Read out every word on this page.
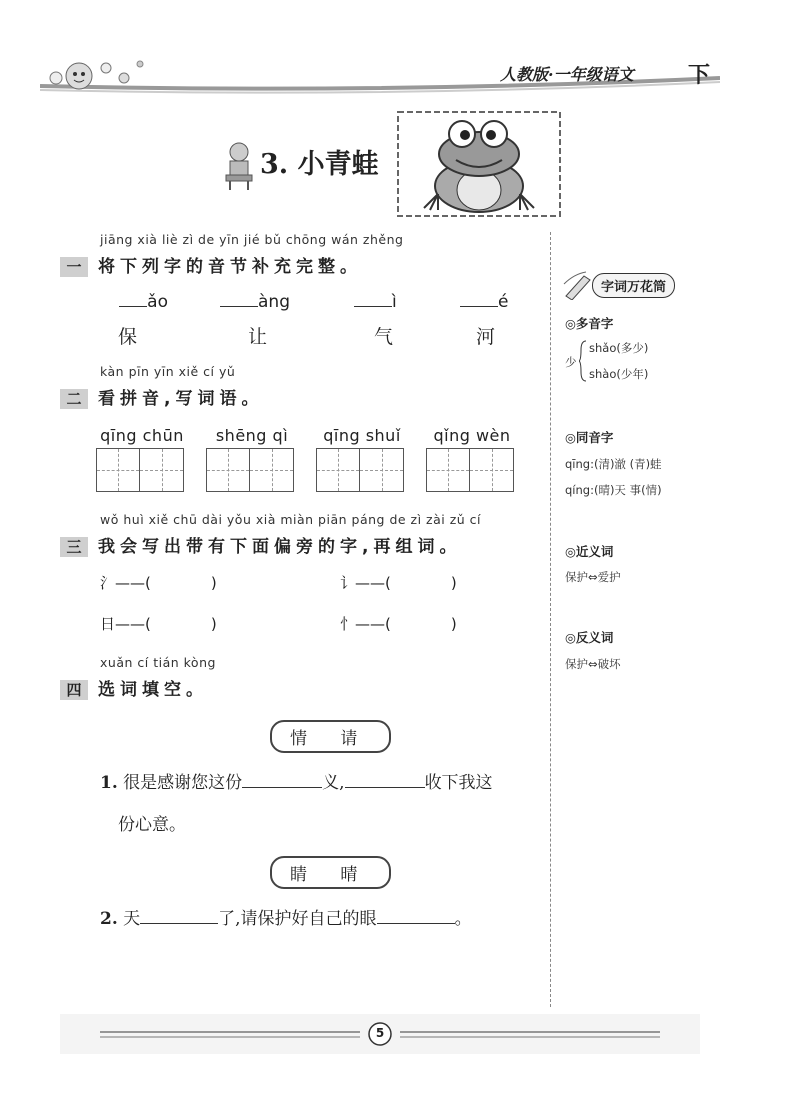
人教版·一年级语文 下
3. 小青蛙
jiāng xià liè zì de yīn jié bǔ chōng wán zhěng
一 将下列字的音节补充完整。
ǎo
保
àng
让
ì
气
é
河
kàn pīn yīn xiě cí yǔ
二 看拼音,写词语。
qīng chūn	shēng qì	qīng shuǐ	qǐng wèn
wǒ huì xiě chū dài yǒu xià miàn piān páng de zì zài zǔ cí
三 我会写出带有下面偏旁的字,再组词。
氵——(	)	讠——(	)
日——(	)	忄——(	)
xuǎn cí tián kòng
四 选词填空。
情 请
1. 很是感谢您这份	义,	收下我这
份心意。
睛 晴
2. 天	了,请保护好自己的眼	。
字词万花筒
◎多音字
少
shǎo(多少)
shào(少年)
◎同音字
qīng:(清)澈 (青)蛙
qíng:(晴)天 事(情)
◎近义词
保护⇔爱护
◎反义词
保护⇔破坏
5
